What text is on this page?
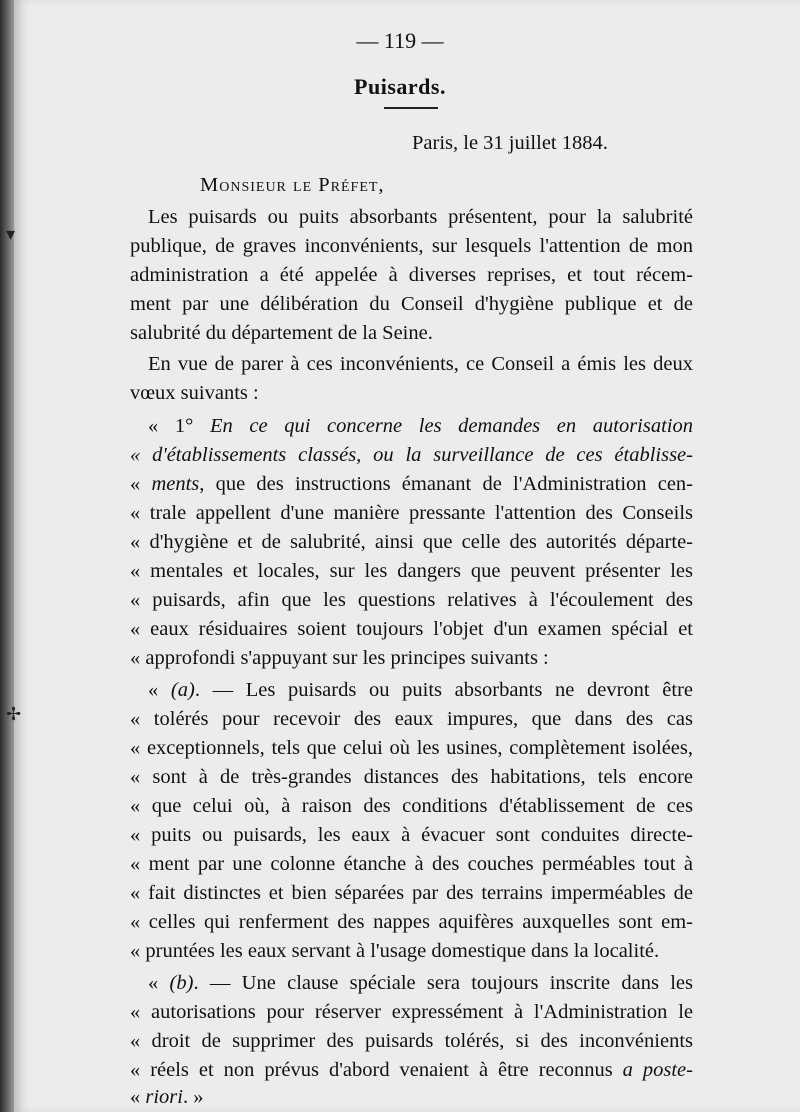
— 119 —
Puisards.
Paris, le 31 juillet 1884.
Monsieur le Préfet,
▾
✢
Les puisards ou puits absorbants présentent, pour la salubrité
publique, de graves inconvénients, sur lesquels l'attention de mon
administration a été appelée à diverses reprises, et tout récem-
ment par une délibération du Conseil d'hygiène publique et de
salubrité du département de la Seine.
En vue de parer à ces inconvénients, ce Conseil a émis les deux
vœux suivants :
« 1° En ce qui concerne les demandes en autorisation
« d'établissements classés, ou la surveillance de ces établisse-
« ments, que des instructions émanant de l'Administration cen-
« trale appellent d'une manière pressante l'attention des Conseils
« d'hygiène et de salubrité, ainsi que celle des autorités départe-
« mentales et locales, sur les dangers que peuvent présenter les
« puisards, afin que les questions relatives à l'écoulement des
« eaux résiduaires soient toujours l'objet d'un examen spécial et
« approfondi s'appuyant sur les principes suivants :
« (a). — Les puisards ou puits absorbants ne devront être
« tolérés pour recevoir des eaux impures, que dans des cas
« exceptionnels, tels que celui où les usines, complètement isolées,
« sont à de très-grandes distances des habitations, tels encore
« que celui où, à raison des conditions d'établissement de ces
« puits ou puisards, les eaux à évacuer sont conduites directe-
« ment par une colonne étanche à des couches perméables tout à
« fait distinctes et bien séparées par des terrains imperméables de
« celles qui renferment des nappes aquifères auxquelles sont em-
« pruntées les eaux servant à l'usage domestique dans la localité.
« (b). — Une clause spéciale sera toujours inscrite dans les
« autorisations pour réserver expressément à l'Administration le
« droit de supprimer des puisards tolérés, si des inconvénients
« réels et non prévus d'abord venaient à être reconnus a poste-
« riori. »
